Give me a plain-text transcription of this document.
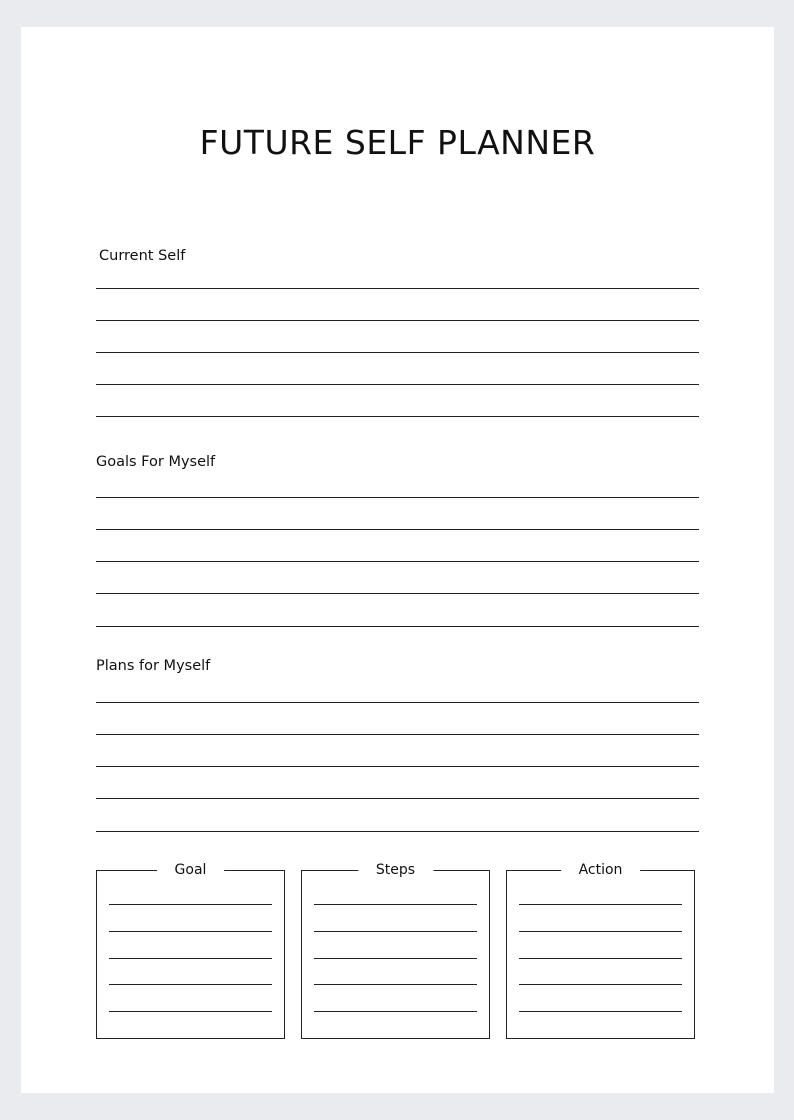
FUTURE SELF PLANNER
Current Self
Goals For Myself
Plans for Myself
Goal	Steps	Action
